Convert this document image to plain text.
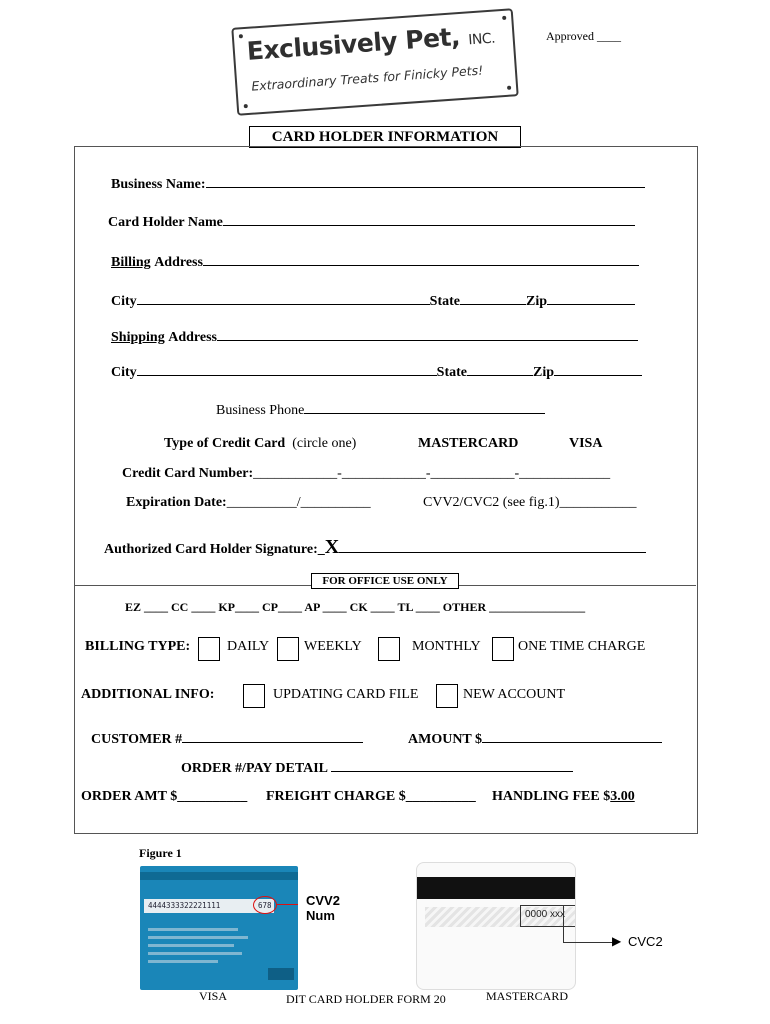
Approved ____
Exclusively Pet, INC.
Extraordinary Treats for Finicky Pets!
CARD HOLDER INFORMATION
Business Name:
Card Holder Name
Billing Address
City	State	Zip
Shipping Address
City	State	Zip
Business Phone
Type of Credit Card (circle one)	MASTERCARD	VISA
Credit Card Number:____________-____________-____________-_____________
Expiration Date:__________/__________	CVV2/CVC2 (see fig.1)___________
Authorized Card Holder Signature:_X
FOR OFFICE USE ONLY
EZ ____ CC ____ KP____ CP____ AP ____ CK ____ TL ____ OTHER ________________
BILLING TYPE:	DAILY WEEKLY	MONTHLY	ONE TIME CHARGE
ADDITIONAL INFO:	UPDATING CARD FILE	NEW ACCOUNT
CUSTOMER #	AMOUNT $
ORDER #/PAY DETAIL
ORDER AMT $__________ FREIGHT CHARGE $__________ HANDLING FEE $3.00
Figure 1
4444333322221111	678	CVV2
Num	0000 xxx
▶ CVC2
VISA	DIT CARD HOLDER FORM 20	MASTERCARD
